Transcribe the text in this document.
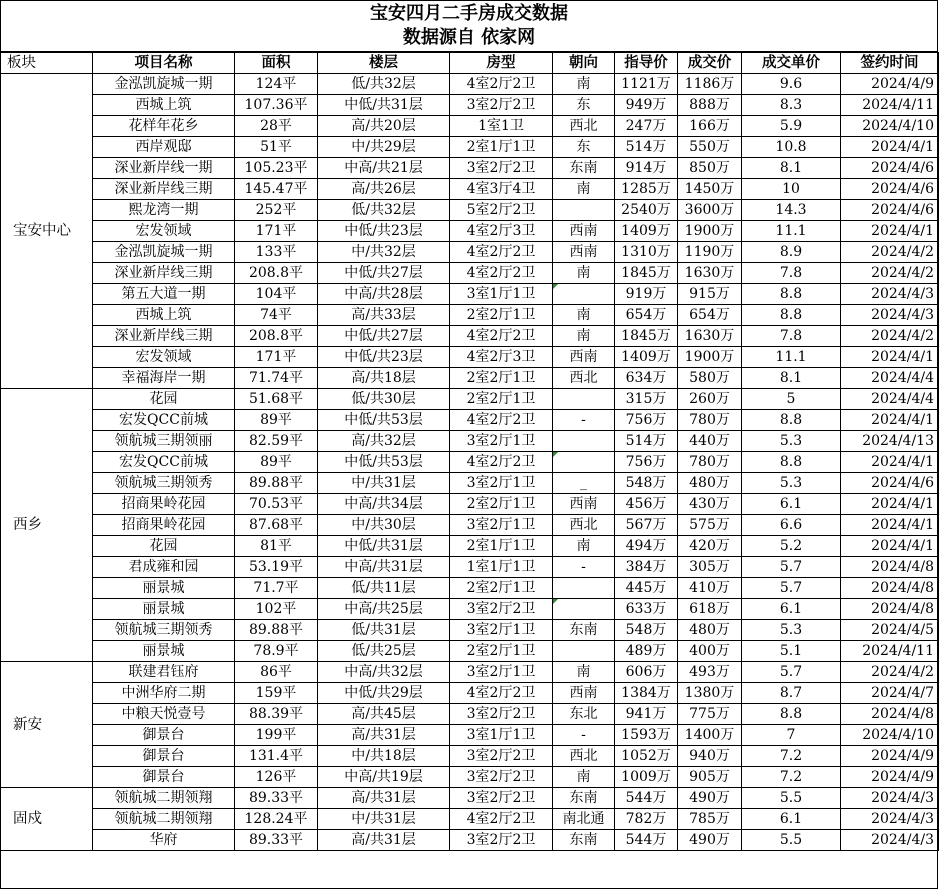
宝安四月二手房成交数据
数据源自 依家网
板块	项目名称	面积	楼层	房型	朝向	指导价	成交价	成交单价	签约时间
宝安中心	金泓凯旋城一期	124平	低/共32层	4室2厅2卫	南	1121万	1186万	9.6	2024/4/9
	西城上筑	107.36平	中低/共31层	3室2厅2卫	东	949万	888万	8.3	2024/4/11
	花样年花乡	28平	高/共20层	1室1卫	西北	247万	166万	5.9	2024/4/10
	西岸观邸	51平	中/共29层	2室1厅1卫	东	514万	550万	10.8	2024/4/1
	深业新岸线一期	105.23平	中高/共21层	3室2厅2卫	东南	914万	850万	8.1	2024/4/6
	深业新岸线三期	145.47平	高/共26层	4室3厅4卫	南	1285万	1450万	10	2024/4/6
	熙龙湾一期	252平	低/共32层	5室2厅2卫		2540万	3600万	14.3	2024/4/6
	宏发领域	171平	中低/共23层	4室2厅3卫	西南	1409万	1900万	11.1	2024/4/1
	金泓凯旋城一期	133平	中/共32层	4室2厅2卫	西南	1310万	1190万	8.9	2024/4/2
	深业新岸线三期	208.8平	中低/共27层	4室2厅2卫	南	1845万	1630万	7.8	2024/4/2
	第五大道一期	104平	中高/共28层	3室1厅1卫		919万	915万	8.8	2024/4/3
	西城上筑	74平	高/共33层	2室2厅1卫	南	654万	654万	8.8	2024/4/3
	深业新岸线三期	208.8平	中低/共27层	4室2厅2卫	南	1845万	1630万	7.8	2024/4/2
	宏发领域	171平	中低/共23层	4室2厅3卫	西南	1409万	1900万	11.1	2024/4/1
	幸福海岸一期	71.74平	高/共18层	2室2厅1卫	西北	634万	580万	8.1	2024/4/4
西乡	花园	51.68平	低/共30层	2室2厅1卫		315万	260万	5	2024/4/4
	宏发QCC前城	89平	中低/共53层	4室2厅2卫	-	756万	780万	8.8	2024/4/1
	领航城三期领丽	82.59平	高/共32层	3室2厅1卫		514万	440万	5.3	2024/4/13
	宏发QCC前城	89平	中低/共53层	4室2厅2卫		756万	780万	8.8	2024/4/1
	领航城三期领秀	89.88平	中/共31层	3室2厅1卫	_	548万	480万	5.3	2024/4/6
	招商果岭花园	70.53平	中高/共34层	2室2厅1卫	西南	456万	430万	6.1	2024/4/1
	招商果岭花园	87.68平	中/共30层	3室2厅1卫	西北	567万	575万	6.6	2024/4/1
	花园	81平	中低/共31层	2室1厅1卫	南	494万	420万	5.2	2024/4/1
	君成雍和园	53.19平	中高/共31层	1室1厅1卫	-	384万	305万	5.7	2024/4/8
	丽景城	71.7平	低/共11层	2室2厅1卫		445万	410万	5.7	2024/4/8
	丽景城	102平	中高/共25层	3室2厅2卫		633万	618万	6.1	2024/4/8
	领航城三期领秀	89.88平	低/共31层	3室2厅1卫	东南	548万	480万	5.3	2024/4/5
	丽景城	78.9平	低/共25层	2室2厅1卫		489万	400万	5.1	2024/4/11
新安	联建君钰府	86平	中高/共32层	3室2厅1卫	南	606万	493万	5.7	2024/4/2
	中洲华府二期	159平	中低/共29层	4室2厅2卫	西南	1384万	1380万	8.7	2024/4/7
	中粮天悦壹号	88.39平	高/共45层	3室2厅2卫	东北	941万	775万	8.8	2024/4/8
	御景台	199平	高/共31层	3室1厅1卫	-	1593万	1400万	7	2024/4/10
	御景台	131.4平	中/共18层	3室2厅2卫	西北	1052万	940万	7.2	2024/4/9
	御景台	126平	中高/共19层	3室2厅2卫	南	1009万	905万	7.2	2024/4/9
固戍	领航城二期领翔	89.33平	高/共31层	3室2厅2卫	东南	544万	490万	5.5	2024/4/3
	领航城二期领翔	128.24平	中/共31层	4室2厅2卫	南北通	782万	785万	6.1	2024/4/3
	华府	89.33平	高/共31层	3室2厅2卫	东南	544万	490万	5.5	2024/4/3
